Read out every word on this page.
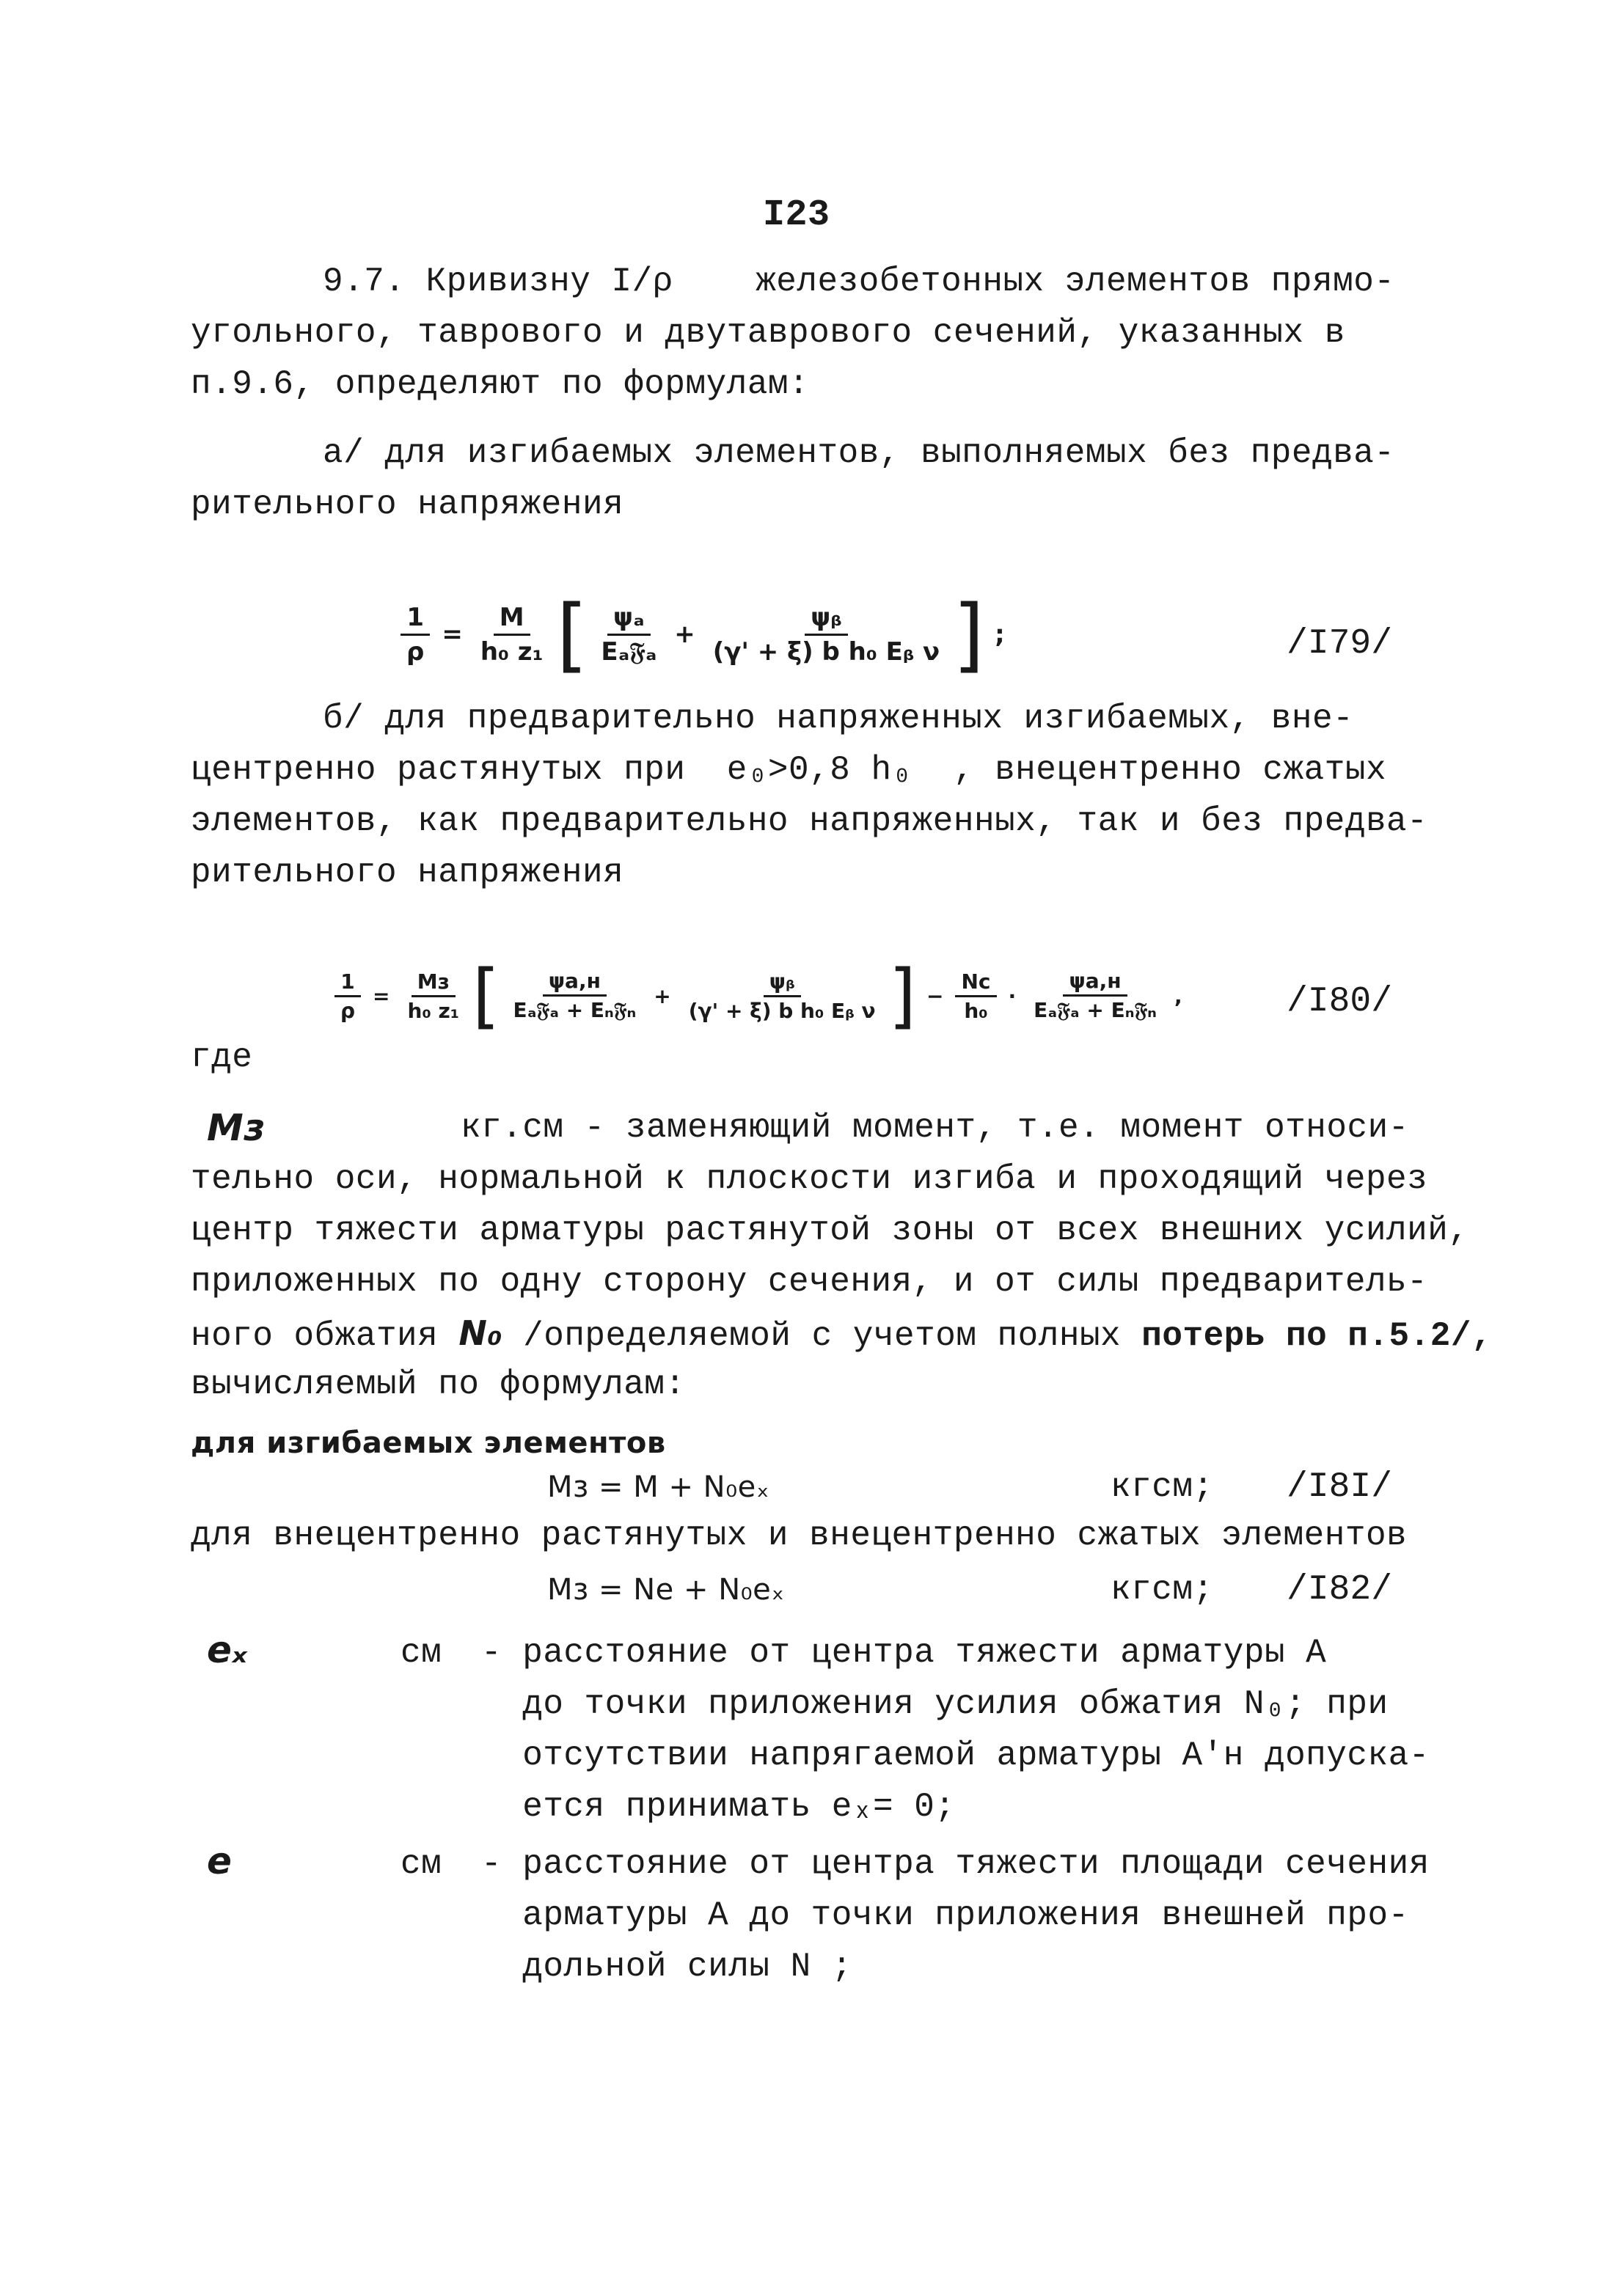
I23
9.7. Кривизну I/ρ    железобетонных элементов прямо-
угольного, таврового и двутаврового сечений, указанных в
п.9.6, определяют по формулам:
а/ для изгибаемых элементов, выполняемых без предва-
рительного напряжения
$\frac{1}{\rho} = \frac{M}{\text{h₀ z₁}}$ [ $\frac{\text{ψₐ}}{\text{Eₐ𝔉ₐ}} + \frac{\text{ψᵦ}}{\text{(γ' + ξ) b h₀ Eᵦ ν}}$ ] ;	/I79/
б/ для предварительно напряженных изгибаемых, вне-
центренно растянутых при  e₀>0,8 h₀  , внецентренно сжатых
элементов, как предварительно напряженных, так и без предва-
рительного напряжения
$\frac{1}{\rho} = \frac{Mз}{\text{h₀ z₁}}$ [ $\frac{\psi a,н}{\text{Eₐ𝔉ₐ + Eₙ𝔉ₙ}} + \frac{\text{ψᵦ}}{\text{(γ' + ξ) b h₀ Eᵦ ν}}$ ] − $\frac{Nc}{\text{h₀}} \cdot \frac{\psi a,н}{\text{Eₐ𝔉ₐ + Eₙ𝔉ₙ}}$ ,	/I80/
где
Mз	кг.см - заменяющий момент, т.е. момент относи-
тельно оси, нормальной к плоскости изгиба и проходящий через
центр тяжести арматуры растянутой зоны от всех внешних усилий,
приложенных по одну сторону сечения, и от силы предваритель-
ного обжатия N₀ /определяемой с учетом полных потерь по п.5.2/,
вычисляемый по формулам:
для изгибаемых элементов
Mз = M + N₀eₓ	кгсм; /I8I/
для внецентренно растянутых и внецентренно сжатых элементов
Mз = Ne + N₀eₓ	кгсм; /I82/
eₓ	см - расстояние от центра тяжести арматуры А
до точки приложения усилия обжатия N₀; при
отсутствии напрягаемой арматуры A'н допуска-
ется принимать eₓ= 0;
e	см - расстояние от центра тяжести площади сечения
арматуры А до точки приложения внешней про-
дольной силы N ;
